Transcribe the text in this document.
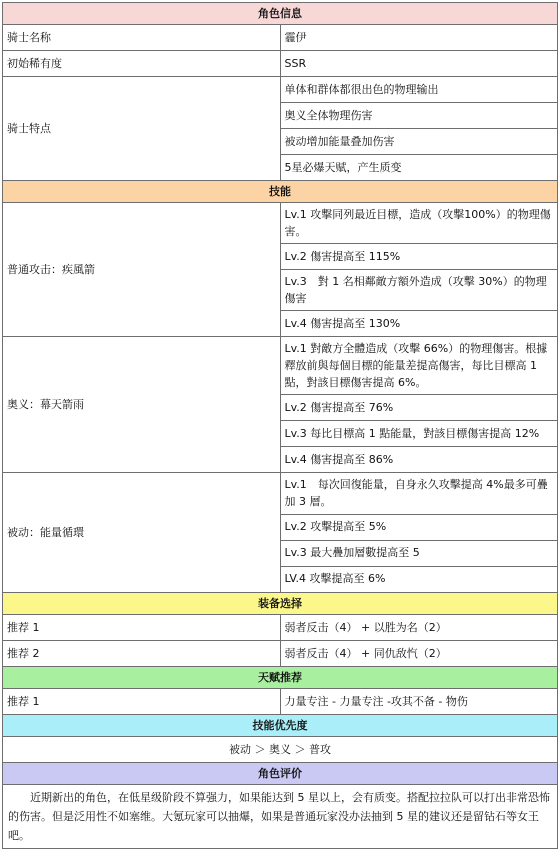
角色信息	
骑士名称	霾伊
初始稀有度	SSR
骑士特点	单体和群体都很出色的物理输出
	奥义全体物理伤害
	被动增加能量叠加伤害
	5星必爆天赋，产生质变
技能	
普通攻击：疾風箭	Lv.1 攻擊同列最近目標，造成（攻擊100%）的物理傷害。
	Lv.2 傷害提高至 115%
	Lv.3　對 1 名相鄰敵方額外造成（攻擊 30%）的物理傷害
	Lv.4 傷害提高至 130%
奥义：幕天箭雨	Lv.1 對敵方全體造成（攻擊 66%）的物理傷害。根據釋放前與每個目標的能量差提高傷害，每比目標高 1 點，對該目標傷害提高 6%。
	Lv.2 傷害提高至 76%
	Lv.3 每比目標高 1 點能量，對該目標傷害提高 12%
	Lv.4 傷害提高至 86%
被动：能量循環	Lv.1　每次回復能量，自身永久攻擊提高 4%最多可疊加 3 層。
	Lv.2 攻擊提高至 5%
	Lv.3 最大疊加層數提高至 5
	LV.4 攻擊提高至 6%
装备选择	
推荐 1	弱者反击（4） + 以胜为名（2）
推荐 2	弱者反击（4） + 同仇敌忾（2）
天赋推荐	
推荐 1	力量专注 - 力量专注 -攻其不备 - 物伤
技能优先度	
被动 ＞ 奥义 ＞ 普攻	
角色评价	
近期新出的角色，在低星级阶段不算强力，如果能达到 5 星以上，会有质变。搭配拉拉队可以打出非常恐怖的伤害。但是泛用性不如塞维。大氪玩家可以抽爆，如果是普通玩家没办法抽到 5 星的建议还是留钻石等女王吧。	
